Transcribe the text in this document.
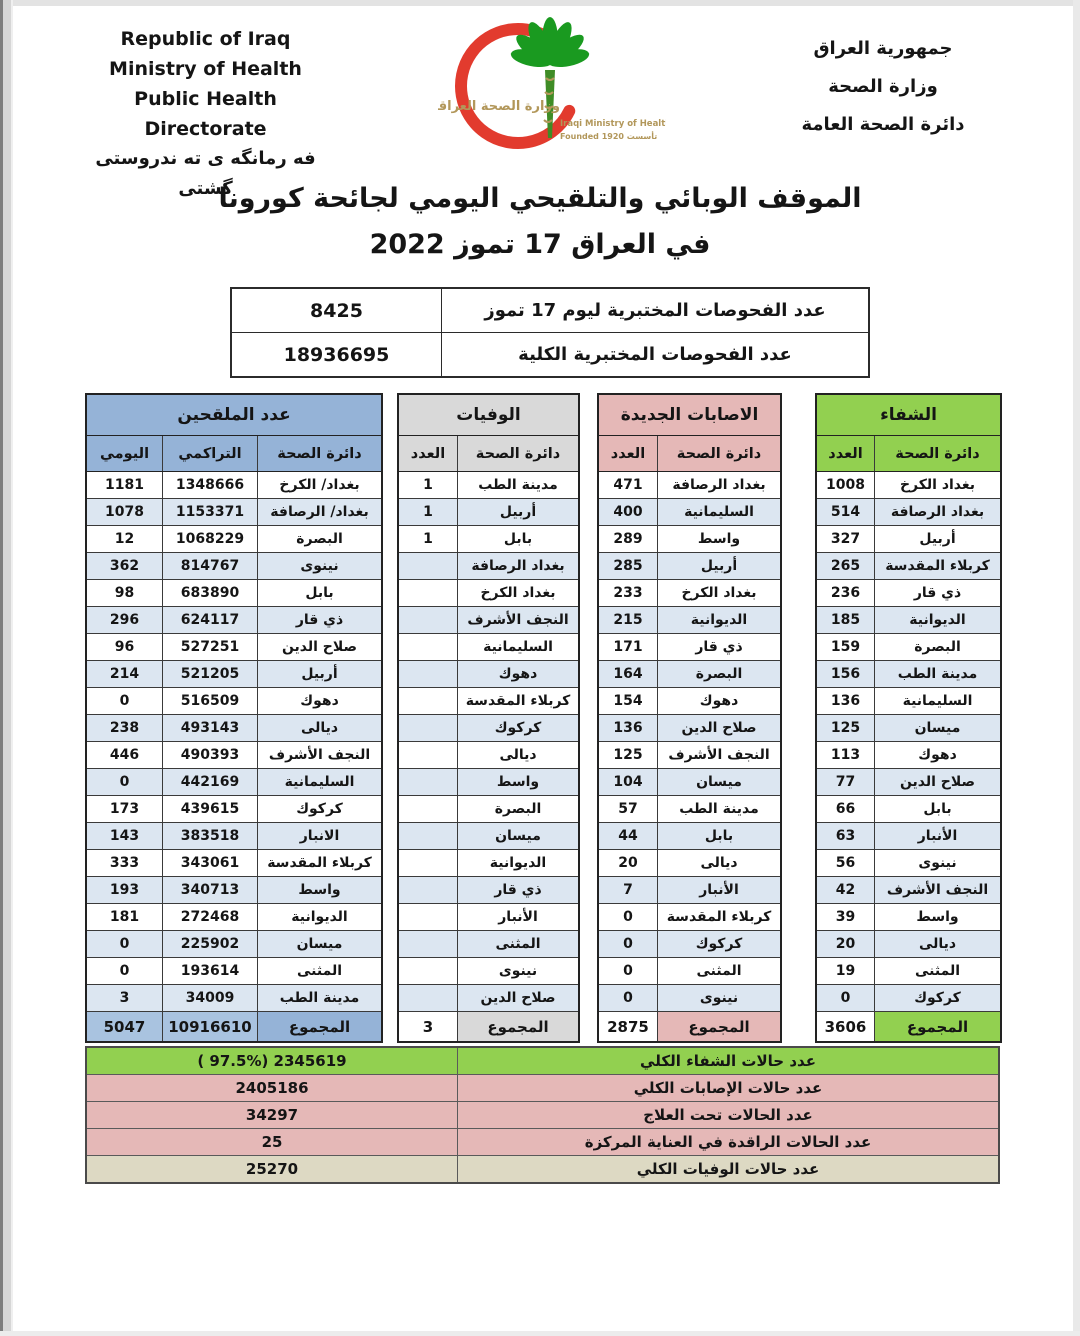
Republic of Iraq
Ministry of Health
Public Health Directorate
فه رمانگه ی ته ندروستی گشتی
وزارة الصحة العراقية
Iraqi Ministry of Health
Founded 1920 تأسست
جمهورية العراق
وزارة الصحة
دائرة الصحة العامة
الموقف الوبائي والتلقيحي اليومي لجائحة كورونا
في العراق 17 تموز 2022
8425	عدد الفحوصات المختبرية ليوم 17 تموز
18936695	عدد الفحوصات المختبرية الكلية
عدد الملقحين
اليومي	التراكمي	دائرة الصحة
1181	1348666	بغداد/ الكرخ
1078	1153371	بغداد/ الرصافة
12	1068229	البصرة
362	814767	نينوى
98	683890	بابل
296	624117	ذي قار
96	527251	صلاح الدين
214	521205	أربيل
0	516509	دهوك
238	493143	ديالى
446	490393	النجف الأشرف
0	442169	السليمانية
173	439615	كركوك
143	383518	الانبار
333	343061	كربلاء المقدسة
193	340713	واسط
181	272468	الديوانية
0	225902	ميسان
0	193614	المثنى
3	34009	مدينة الطب
5047	10916610	المجموع
الوفيات
العدد	دائرة الصحة
1	مدينة الطب
1	أربيل
1	بابل
بغداد الرصافة
بغداد الكرخ
النجف الأشرف
السليمانية
دهوك
كربلاء المقدسة
كركوك
ديالى
واسط
البصرة
ميسان
الديوانية
ذي قار
الأنبار
المثنى
نينوى
صلاح الدين
3	المجموع
الاصابات الجديدة
العدد	دائرة الصحة
471	بغداد الرصافة
400	السليمانية
289	واسط
285	أربيل
233	بغداد الكرخ
215	الديوانية
171	ذي قار
164	البصرة
154	دهوك
136	صلاح الدين
125	النجف الأشرف
104	ميسان
57	مدينة الطب
44	بابل
20	ديالى
7	الأنبار
0	كربلاء المقدسة
0	كركوك
0	المثنى
0	نينوى
2875	المجموع
الشفاء
العدد	دائرة الصحة
1008	بغداد الكرخ
514	بغداد الرصافة
327	أربيل
265	كربلاء المقدسة
236	ذي قار
185	الديوانية
159	البصرة
156	مدينة الطب
136	السليمانية
125	ميسان
113	دهوك
77	صلاح الدين
66	بابل
63	الأنبار
56	نينوى
42	النجف الأشرف
39	واسط
20	ديالى
19	المثنى
0	كركوك
3606	المجموع
( 97.5%) 2345619	عدد حالات الشفاء الكلي
2405186	عدد حالات الإصابات الكلي
34297	عدد الحالات تحت العلاج
25	عدد الحالات الراقدة في العناية المركزة
25270	عدد حالات الوفيات الكلي
